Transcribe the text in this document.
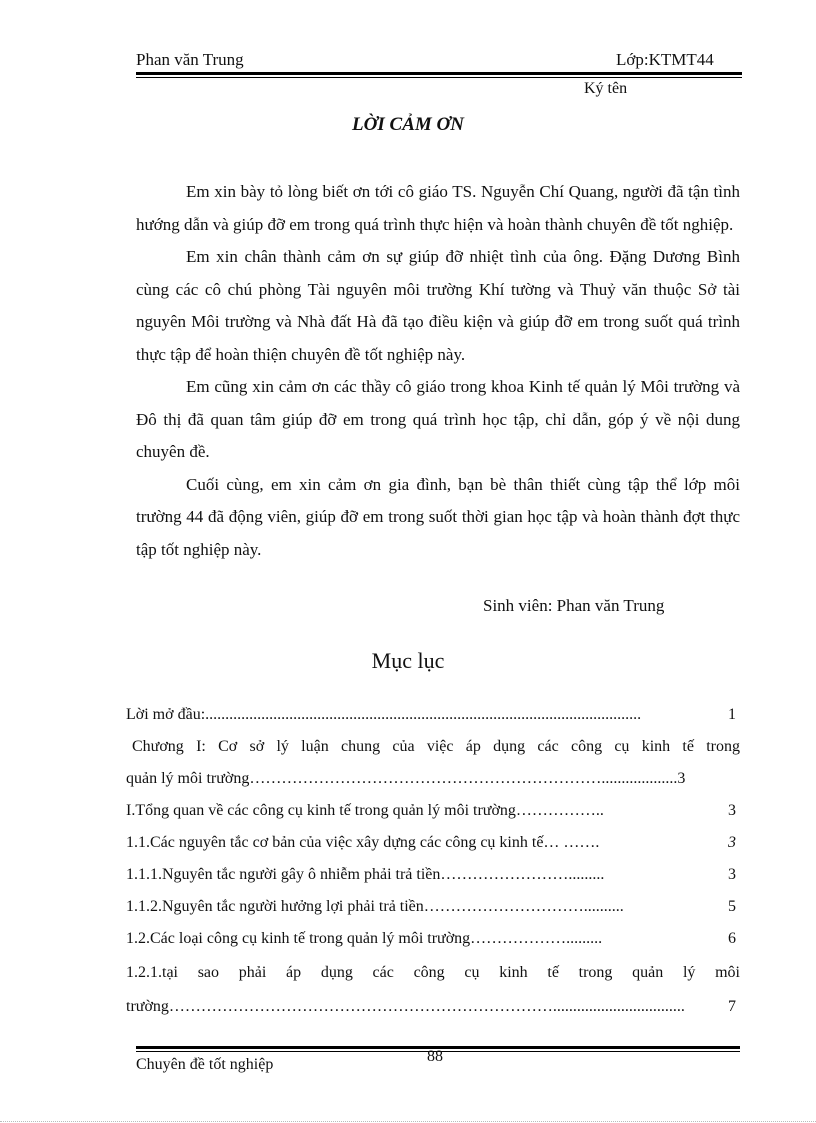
Phan văn Trung	Lớp:KTMT44
Ký tên
LỜI CẢM ƠN

Em xin bày tỏ lòng biết ơn tới cô giáo TS. Nguyễn Chí Quang, người đã tận tình hướng dẫn và giúp đỡ em trong quá trình thực hiện và hoàn thành chuyên đề tốt nghiệp.

Em xin chân thành cảm ơn sự giúp đỡ nhiệt tình của ông. Đặng Dương Bình cùng các cô chú phòng Tài nguyên môi trường Khí tường và Thuỷ văn thuộc Sở tài nguyên Môi trường và Nhà đất Hà đã tạo điều kiện và giúp đỡ em trong suốt quá trình thực tập để hoàn thiện chuyên đề tốt nghiệp này.

Em cũng xin cảm ơn các thầy cô giáo trong khoa Kinh tế quản lý Môi trường và Đô thị đã quan tâm giúp đỡ em trong quá trình học tập, chỉ dẫn, góp ý về nội dung chuyên đề.

Cuối cùng, em xin cảm ơn gia đình, bạn bè thân thiết cùng tập thể lớp môi trường 44 đã động viên, giúp đỡ em trong suốt thời gian học tập và hoàn thành đợt thực tập tốt nghiệp này.

Sinh viên: Phan văn Trung
Mục lục
Lời mở đầu:.............................................................................................................	1
Chương I: Cơ sở lý luận chung của việc áp dụng các công cụ kinh tế trong
quản lý môi trường…………………………………………………………...................3
I.Tổng quan về các công cụ kinh tế trong quản lý môi trường……………..	3
1.1.Các nguyên tắc cơ bản của việc xây dựng các công cụ kinh tế… …….	3
1.1.1.Nguyên tắc người gây ô nhiễm phải trả tiền…………………….........	3
1.1.2.Nguyên tắc người hưởng lợi phải trả tiền…………………………..........	5
1.2.Các loại công cụ kinh tế trong quản lý môi trường……………….........	6
1.2.1.tại sao phải áp dụng các công cụ kinh tế trong quản lý môi
trường……………………………………………………………….................................	7
88
Chuyên đề tốt nghiệp
